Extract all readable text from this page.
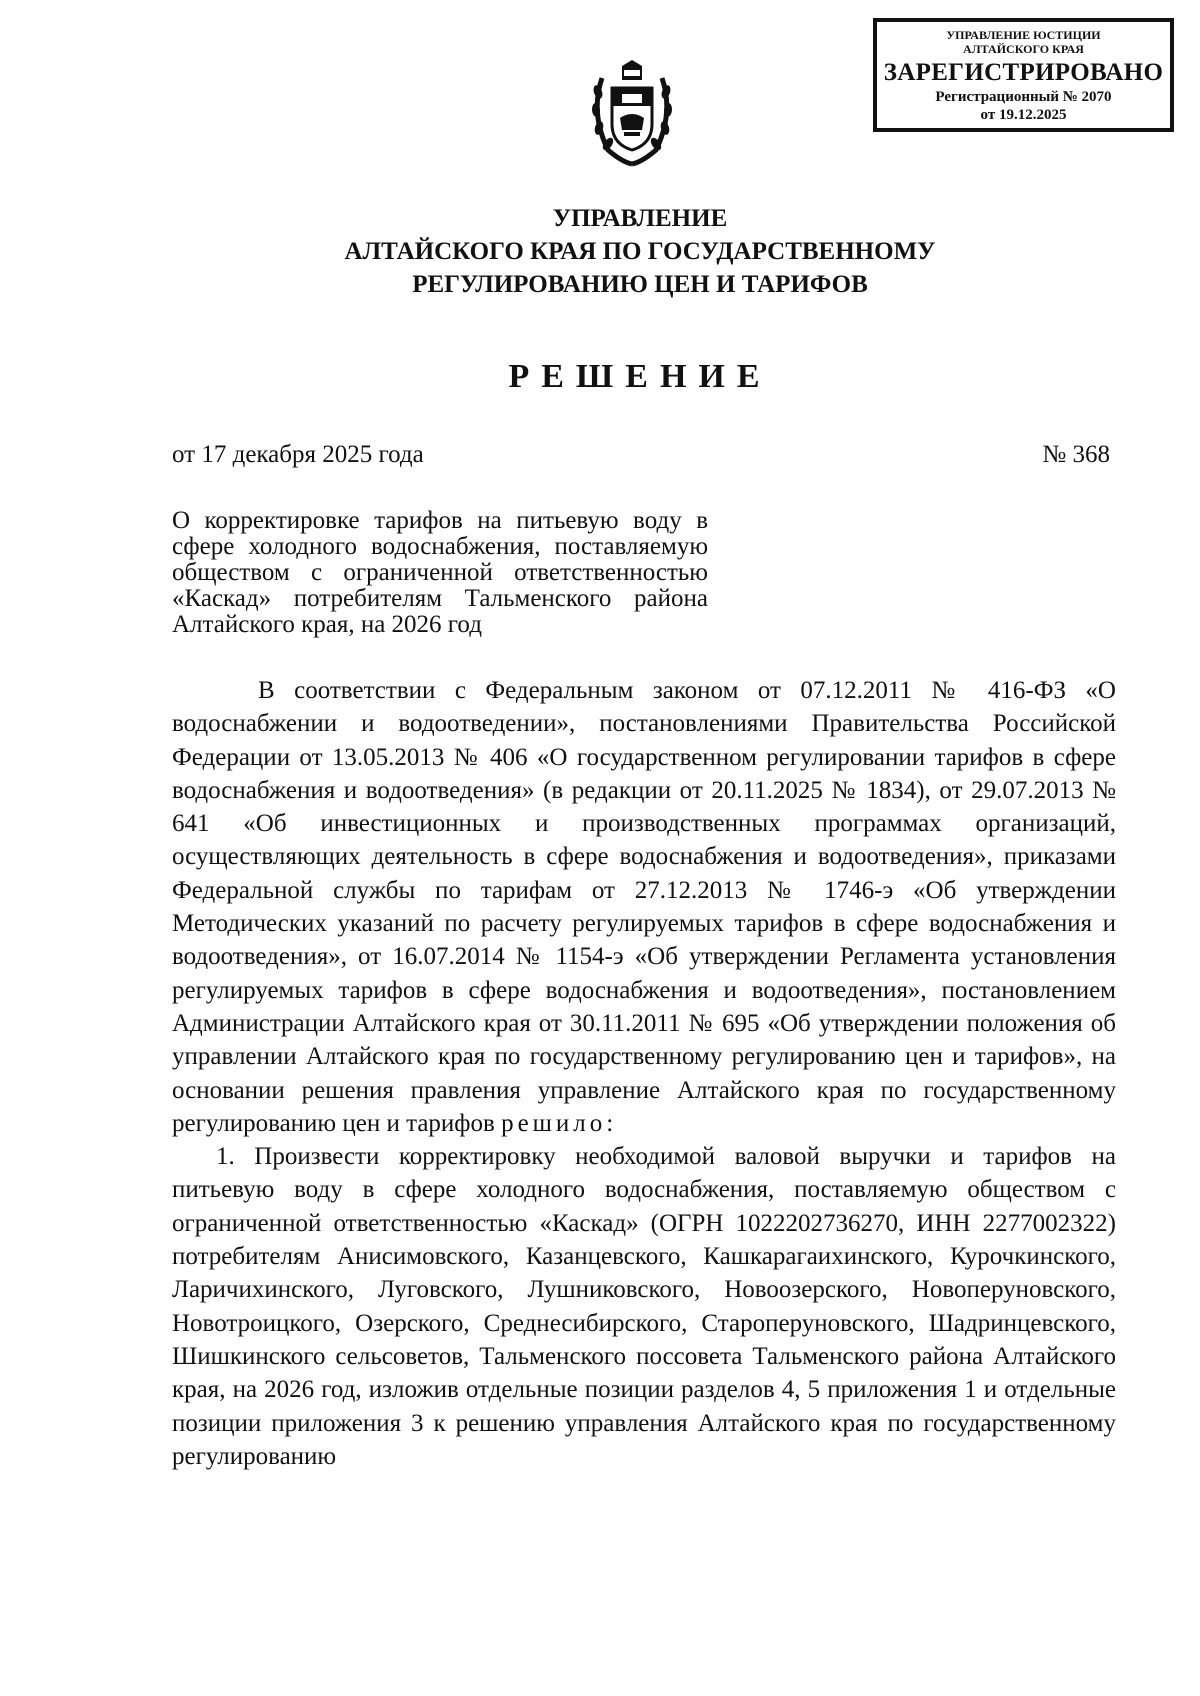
УПРАВЛЕНИЕ ЮСТИЦИИ
АЛТАЙСКОГО КРАЯ
ЗАРЕГИСТРИРОВАНО
Регистрационный № 2070
от 19.12.2025
УПРАВЛЕНИЕ
АЛТАЙСКОГО КРАЯ ПО ГОСУДАРСТВЕННОМУ
РЕГУЛИРОВАНИЮ ЦЕН И ТАРИФОВ
РЕШЕНИЕ
от 17 декабря 2025 года	№ 368
О корректировке тарифов на питьевую воду в сфере холодного водоснабжения, поставляемую обществом с ограниченной ответственностью «Каскад» потребителям Тальменского района Алтайского края, на 2026 год

В соответствии с Федеральным законом от 07.12.2011 № 416-ФЗ «О водоснабжении и водоотведении», постановлениями Правительства Российской Федерации от 13.05.2013 № 406 «О государственном регулировании тарифов в сфере водоснабжения и водоотведения» (в редакции от 20.11.2025 № 1834), от 29.07.2013 № 641 «Об инвестиционных и производственных программах организаций, осуществляющих деятельность в сфере водоснабжения и водоотведения», приказами Федеральной службы по тарифам от 27.12.2013 № 1746-э «Об утверждении Методических указаний по расчету регулируемых тарифов в сфере водоснабжения и водоотведения», от 16.07.2014 № 1154-э «Об утверждении Регламента установления регулируемых тарифов в сфере водоснабжения и водоотведения», постановлением Администрации Алтайского края от 30.11.2011 № 695 «Об утверждении положения об управлении Алтайского края по государственному регулированию цен и тарифов», на основании решения правления управление Алтайского края по государственному регулированию цен и тарифов решило:

1. Произвести корректировку необходимой валовой выручки и тарифов на питьевую воду в сфере холодного водоснабжения, поставляемую обществом с ограниченной ответственностью «Каскад» (ОГРН 1022202736270, ИНН 2277002322) потребителям Анисимовского, Казанцевского, Кашкарагаихинского, Курочкинского, Ларичихинского, Луговского, Лушниковского, Новоозерского, Новоперуновского, Новотроицкого, Озерского, Среднесибирского, Староперуновского, Шадринцевского, Шишкинского сельсоветов, Тальменского поссовета Тальменского района Алтайского края, на 2026 год, изложив отдельные позиции разделов 4, 5 приложения 1 и отдельные позиции приложения 3 к решению управления Алтайского края по государственному регулированию
